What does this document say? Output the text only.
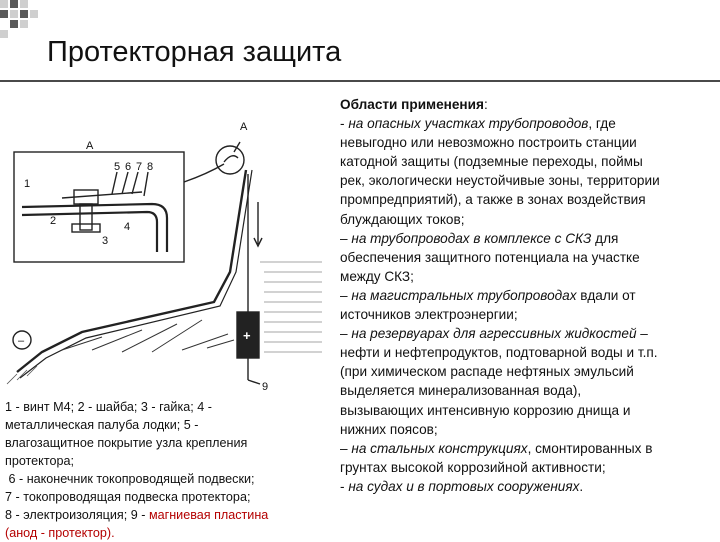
Протекторная защита
A
A
5 6 7 8
1
2
3
4
9
–	+
1 - винт М4; 2 - шайба; 3 - гайка; 4 -
металлическая палуба лодки; 5 -
влагозащитное покрытие узла крепления
протектора;
6 - наконечник токопроводящей подвески;
7 - токопроводящая подвеска протектора;
8 - электроизоляция; 9 - магниевая пластина
(анод - протектор).
Области применения:
- на опасных участках трубопроводов, где
невыгодно или невозможно построить станции
катодной защиты (подземные переходы, поймы
рек, экологически неустойчивые зоны, территории
промпредприятий), а также в зонах воздействия
блуждающих токов;
– на трубопроводах в комплексе с СКЗ для
обеспечения защитного потенциала на участке
между СКЗ;
– на магистральных трубопроводах вдали от
источников электроэнергии;
– на резервуарах для агрессивных жидкостей –
нефти и нефтепродуктов, подтоварной воды и т.п.
(при химическом распаде нефтяных эмульсий
выделяется минерализованная вода),
вызывающих интенсивную коррозию днища и
нижних поясов;
– на стальных конструкциях, смонтированных в
грунтах высокой коррозийной активности;
- на судах и в портовых сооружениях.
